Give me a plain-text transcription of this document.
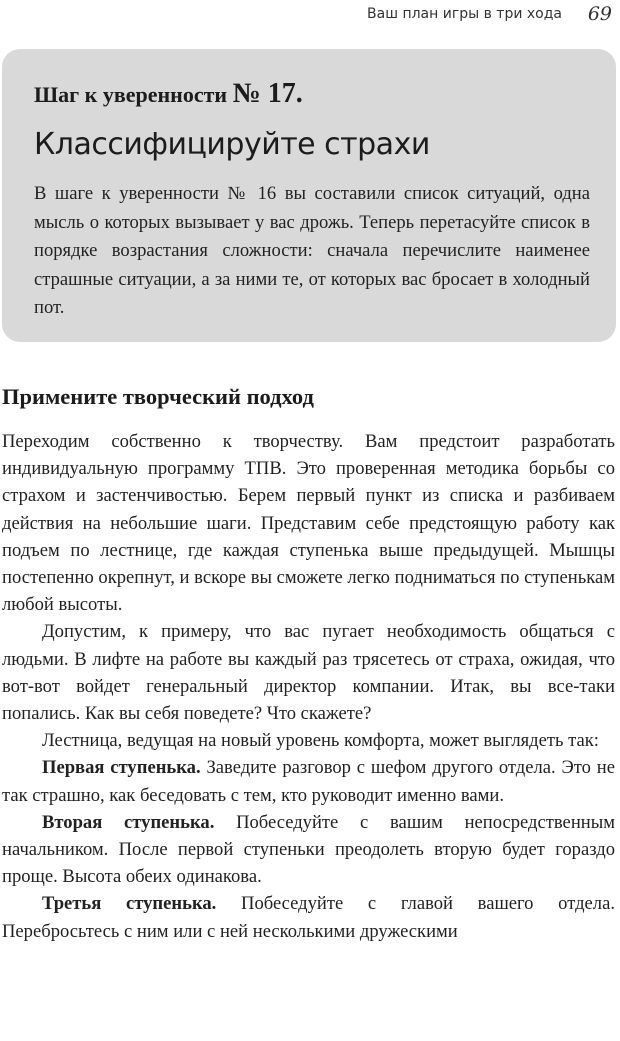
Ваш план игры в три хода 69
Шаг к уверенности № 17.
Классифицируйте страхи

В шаге к уверенности № 16 вы составили список ситуаций, одна мысль о которых вызывает у вас дрожь. Теперь перетасуйте список в порядке возрастания сложности: сначала перечислите наименее страшные ситуации, а за ними те, от которых вас бросает в холодный пот.

Примените творческий подход

Переходим собственно к творчеству. Вам предстоит разработать индивидуальную программу ТПВ. Это проверенная методика борьбы со страхом и застенчивостью. Берем первый пункт из списка и разбиваем действия на небольшие шаги. Представим себе предстоящую работу как подъем по лестнице, где каждая ступенька выше предыдущей. Мышцы постепенно окрепнут, и вскоре вы сможете легко подниматься по ступенькам любой высоты.

Допустим, к примеру, что вас пугает необходимость общаться с людьми. В лифте на работе вы каждый раз трясетесь от страха, ожидая, что вот-вот войдет генеральный директор компании. Итак, вы все-таки попались. Как вы себя поведете? Что скажете?

Лестница, ведущая на новый уровень комфорта, может выглядеть так:

Первая ступенька. Заведите разговор с шефом другого отдела. Это не так страшно, как беседовать с тем, кто руководит именно вами.

Вторая ступенька. Побеседуйте с вашим непосредственным начальником. После первой ступеньки преодолеть вторую будет гораздо проще. Высота обеих одинакова.

Третья ступенька. Побеседуйте с главой вашего отдела. Перебросьтесь с ним или с ней несколькими дружескими
